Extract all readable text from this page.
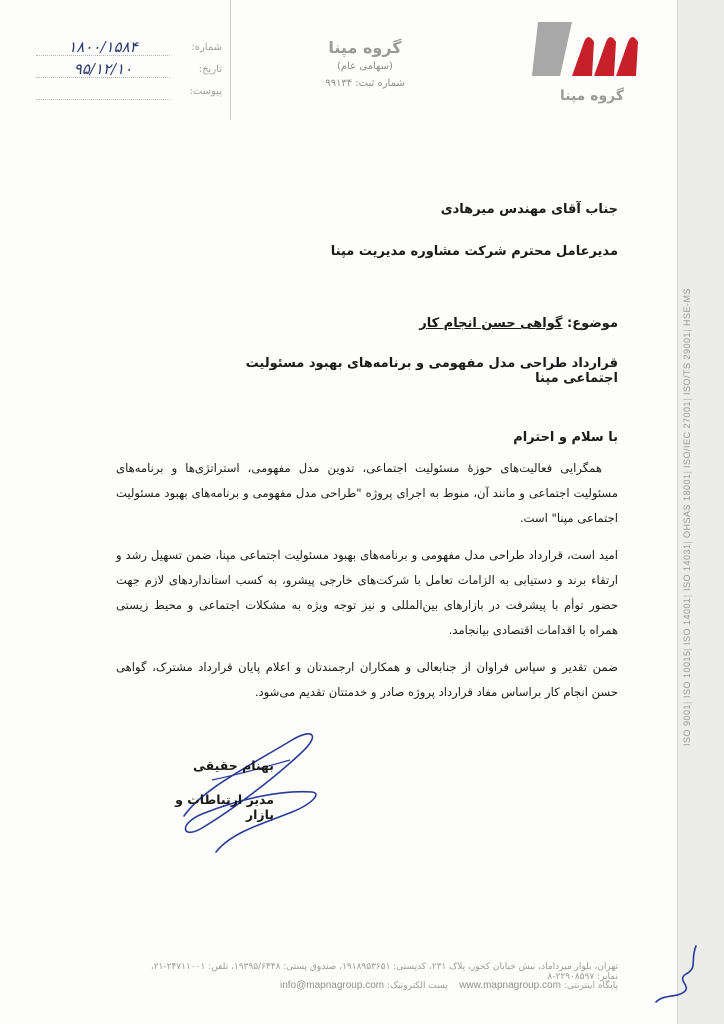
ISO 9001| ISO 10015| ISO 14001| ISO 14031| OHSAS 18001| ISO/IEC 27001| ISO/TS 29001| HSE-MS
گروه مپنا
گروه مپنا
(سهامی عام)
شماره ثبت: ۹۹۱۳۴
شماره:
۱۸۰۰/۱۵۸۴
تاریخ:
۹۵/۱۲/۱۰
پیوست:
جناب آقای مهندس میرهادی
مدیرعامل محترم شرکت مشاوره مدیریت مپنا
موضوع: گواهی حسن انجام کار
قرارداد طراحی مدل مفهومی و برنامه‌های بهبود مسئولیت اجتماعی مپنا
با سلام و احترام
همگرایی فعالیت‌های حوزهٔ مسئولیت اجتماعی، تدوین مدل مفهومی، استراتژی‌ها و برنامه‌های مسئولیت اجتماعی و مانند آن، منوط به اجرای پروژه "طراحی مدل مفهومی و برنامه‌های بهبود مسئولیت اجتماعی مپنا" است.
امید است، قرارداد طراحی مدل مفهومی و برنامه‌های بهبود مسئولیت اجتماعی مپنا، ضمن تسهیل رشد و ارتقاء برند و دستیابی به الزامات تعامل با شرکت‌های خارجی پیشرو، به کسب استانداردهای لازم جهت حضور توأم با پیشرفت در بازارهای بین‌المللی و نیز توجه ویژه به مشکلات اجتماعی و محیط زیستی همراه با اقدامات اقتصادی بیانجامد.
ضمن تقدیر و سپاس فراوان از جنابعالی و همکاران ارجمندتان و اعلام پایان قرارداد مشترک، گواهی حسن انجام کار براساس مفاد قرارداد پروژه صادر و خدمتتان تقدیم می‌شود.
بهنام حقیقی
مدیر ارتباطات و بازار
تهران، بلوار میرداماد، نبش خیابان کحور، پلاک ۲۳۱، کدپستی: ۱۹۱۸۹۵۳۶۵۱، صندوق پستی: ۱۹۳۹۵/۶۴۴۸، تلفن: ۲۴۷۱۱۰۰۱-۲۱، نمابر: ۲۲۹۰۸۵۹۷-۸
پایگاه اینترنتی: www.mapnagroup.com    پست الکترونیک: info@mapnagroup.com
